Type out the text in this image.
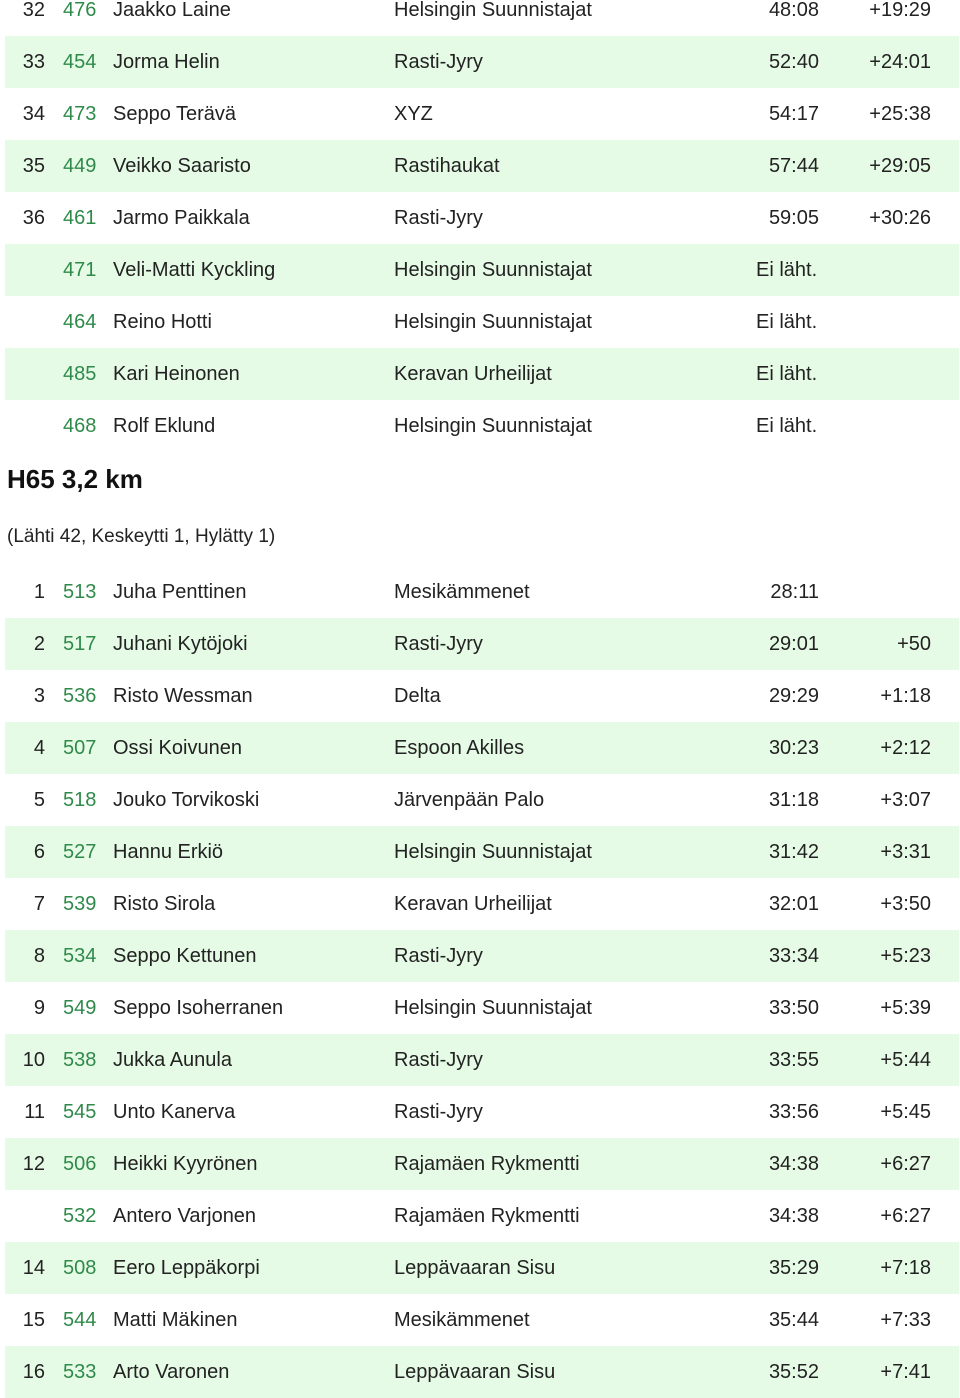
32 476 Jaakko Laine	Helsingin Suunnistajat	48:08	+19:29
33 454 Jorma Helin	Rasti-Jyry	52:40	+24:01
34 473 Seppo Terävä	XYZ	54:17	+25:38
35 449 Veikko Saaristo	Rastihaukat	57:44	+29:05
36 461 Jarmo Paikkala	Rasti-Jyry	59:05	+30:26
471 Veli-Matti Kyckling	Helsingin Suunnistajat	Ei läht.
464 Reino Hotti	Helsingin Suunnistajat	Ei läht.
485 Kari Heinonen	Keravan Urheilijat	Ei läht.
468 Rolf Eklund	Helsingin Suunnistajat	Ei läht.
H65 3,2 km
(Lähti 42, Keskeytti 1, Hylätty 1)
1 513 Juha Penttinen	Mesikämmenet	28:11
2 517 Juhani Kytöjoki	Rasti-Jyry	29:01	+50
3 536 Risto Wessman	Delta	29:29	+1:18
4 507 Ossi Koivunen	Espoon Akilles	30:23	+2:12
5 518 Jouko Torvikoski	Järvenpään Palo	31:18	+3:07
6 527 Hannu Erkiö	Helsingin Suunnistajat	31:42	+3:31
7 539 Risto Sirola	Keravan Urheilijat	32:01	+3:50
8 534 Seppo Kettunen	Rasti-Jyry	33:34	+5:23
9 549 Seppo Isoherranen	Helsingin Suunnistajat	33:50	+5:39
10 538 Jukka Aunula	Rasti-Jyry	33:55	+5:44
11 545 Unto Kanerva	Rasti-Jyry	33:56	+5:45
12 506 Heikki Kyyrönen	Rajamäen Rykmentti	34:38	+6:27
532 Antero Varjonen	Rajamäen Rykmentti	34:38	+6:27
14 508 Eero Leppäkorpi	Leppävaaran Sisu	35:29	+7:18
15 544 Matti Mäkinen	Mesikämmenet	35:44	+7:33
16 533 Arto Varonen	Leppävaaran Sisu	35:52	+7:41
